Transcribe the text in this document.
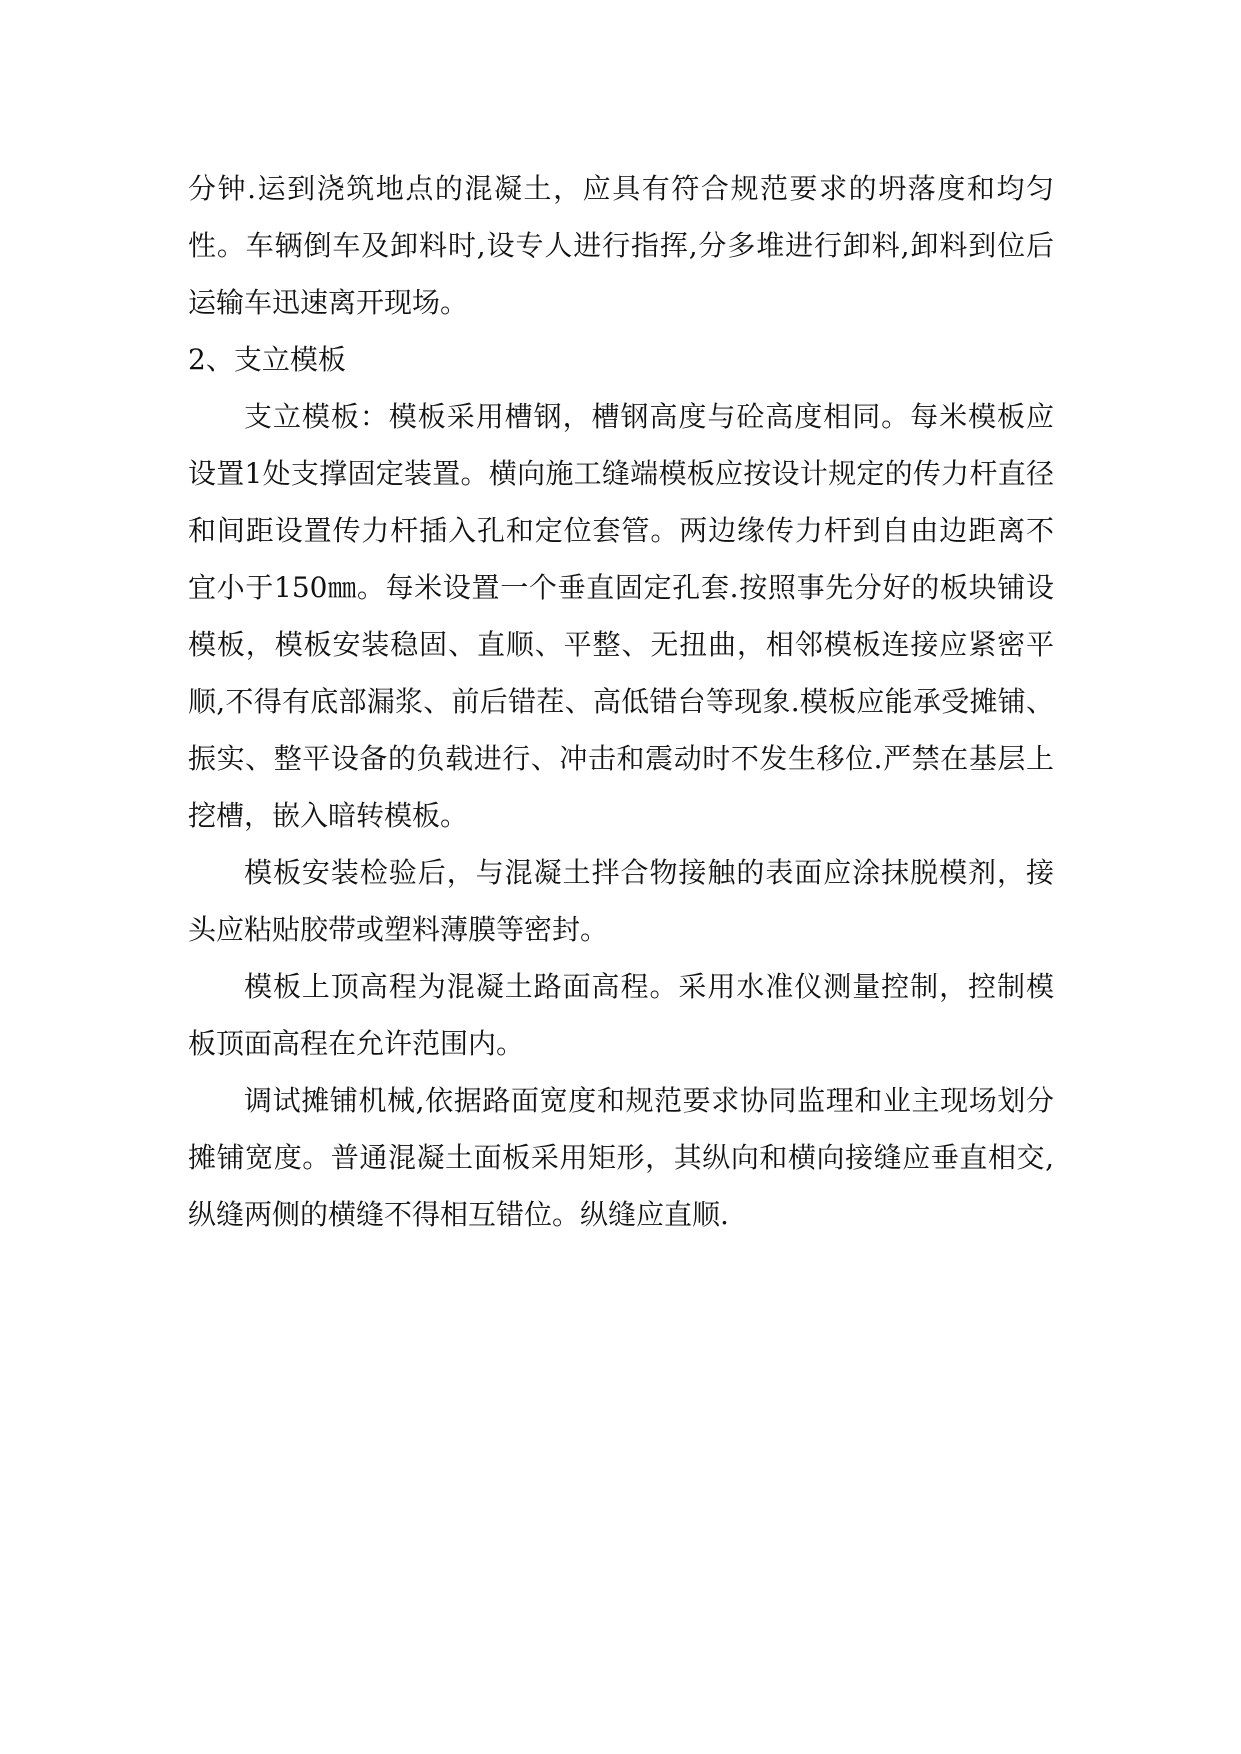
分钟.运到浇筑地点的混凝土，应具有符合规范要求的坍落度和均匀性。车辆倒车及卸料时,设专人进行指挥,分多堆进行卸料,卸料到位后运输车迅速离开现场。

2、支立模板

支立模板：模板采用槽钢，槽钢高度与砼高度相同。每米模板应设置1处支撑固定装置。横向施工缝端模板应按设计规定的传力杆直径和间距设置传力杆插入孔和定位套管。两边缘传力杆到自由边距离不宜小于150㎜。每米设置一个垂直固定孔套.按照事先分好的板块铺设模板，模板安装稳固、直顺、平整、无扭曲，相邻模板连接应紧密平顺,不得有底部漏浆、前后错茬、高低错台等现象.模板应能承受摊铺、振实、整平设备的负载进行、冲击和震动时不发生移位.严禁在基层上挖槽，嵌入暗转模板。

模板安装检验后，与混凝土拌合物接触的表面应涂抹脱模剂，接头应粘贴胶带或塑料薄膜等密封。

模板上顶高程为混凝土路面高程。采用水准仪测量控制，控制模板顶面高程在允许范围内。

调试摊铺机械,依据路面宽度和规范要求协同监理和业主现场划分摊铺宽度。普通混凝土面板采用矩形，其纵向和横向接缝应垂直相交,纵缝两侧的横缝不得相互错位。纵缝应直顺.
